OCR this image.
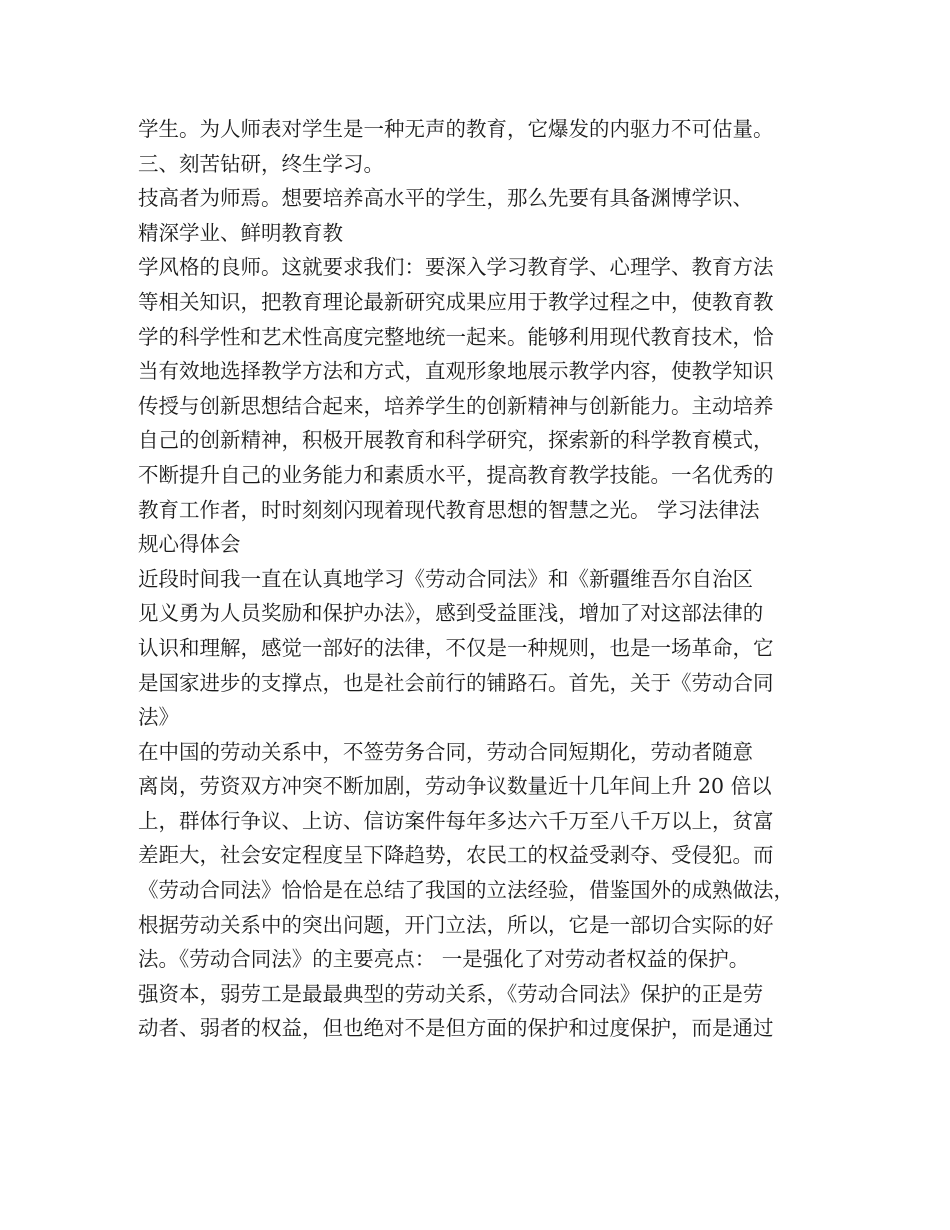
学生。为人师表对学生是一种无声的教育，它爆发的内驱力不可估量。
三、刻苦钻研，终生学习。
技高者为师焉。想要培养高水平的学生，那么先要有具备渊博学识、
精深学业、鲜明教育教
学风格的良师。这就要求我们：要深入学习教育学、心理学、教育方法
等相关知识，把教育理论最新研究成果应用于教学过程之中，使教育教
学的科学性和艺术性高度完整地统一起来。能够利用现代教育技术，恰
当有效地选择教学方法和方式，直观形象地展示教学内容，使教学知识
传授与创新思想结合起来，培养学生的创新精神与创新能力。主动培养
自己的创新精神，积极开展教育和科学研究，探索新的科学教育模式，
不断提升自己的业务能力和素质水平，提高教育教学技能。一名优秀的
教育工作者，时时刻刻闪现着现代教育思想的智慧之光。 学习法律法
规心得体会
近段时间我一直在认真地学习《劳动合同法》和《新疆维吾尔自治区
见义勇为人员奖励和保护办法》，感到受益匪浅，增加了对这部法律的
认识和理解，感觉一部好的法律，不仅是一种规则，也是一场革命，它
是国家进步的支撑点，也是社会前行的铺路石。首先，关于《劳动合同
法》
在中国的劳动关系中，不签劳务合同，劳动合同短期化，劳动者随意
离岗，劳资双方冲突不断加剧，劳动争议数量近十几年间上升 20 倍以
上，群体行争议、上访、信访案件每年多达六千万至八千万以上，贫富
差距大，社会安定程度呈下降趋势，农民工的权益受剥夺、受侵犯。而
《劳动合同法》恰恰是在总结了我国的立法经验，借鉴国外的成熟做法，
根据劳动关系中的突出问题，开门立法，所以，它是一部切合实际的好
法。《劳动合同法》的主要亮点： 一是强化了对劳动者权益的保护。
强资本，弱劳工是最最典型的劳动关系，《劳动合同法》保护的正是劳
动者、弱者的权益，但也绝对不是但方面的保护和过度保护，而是通过
